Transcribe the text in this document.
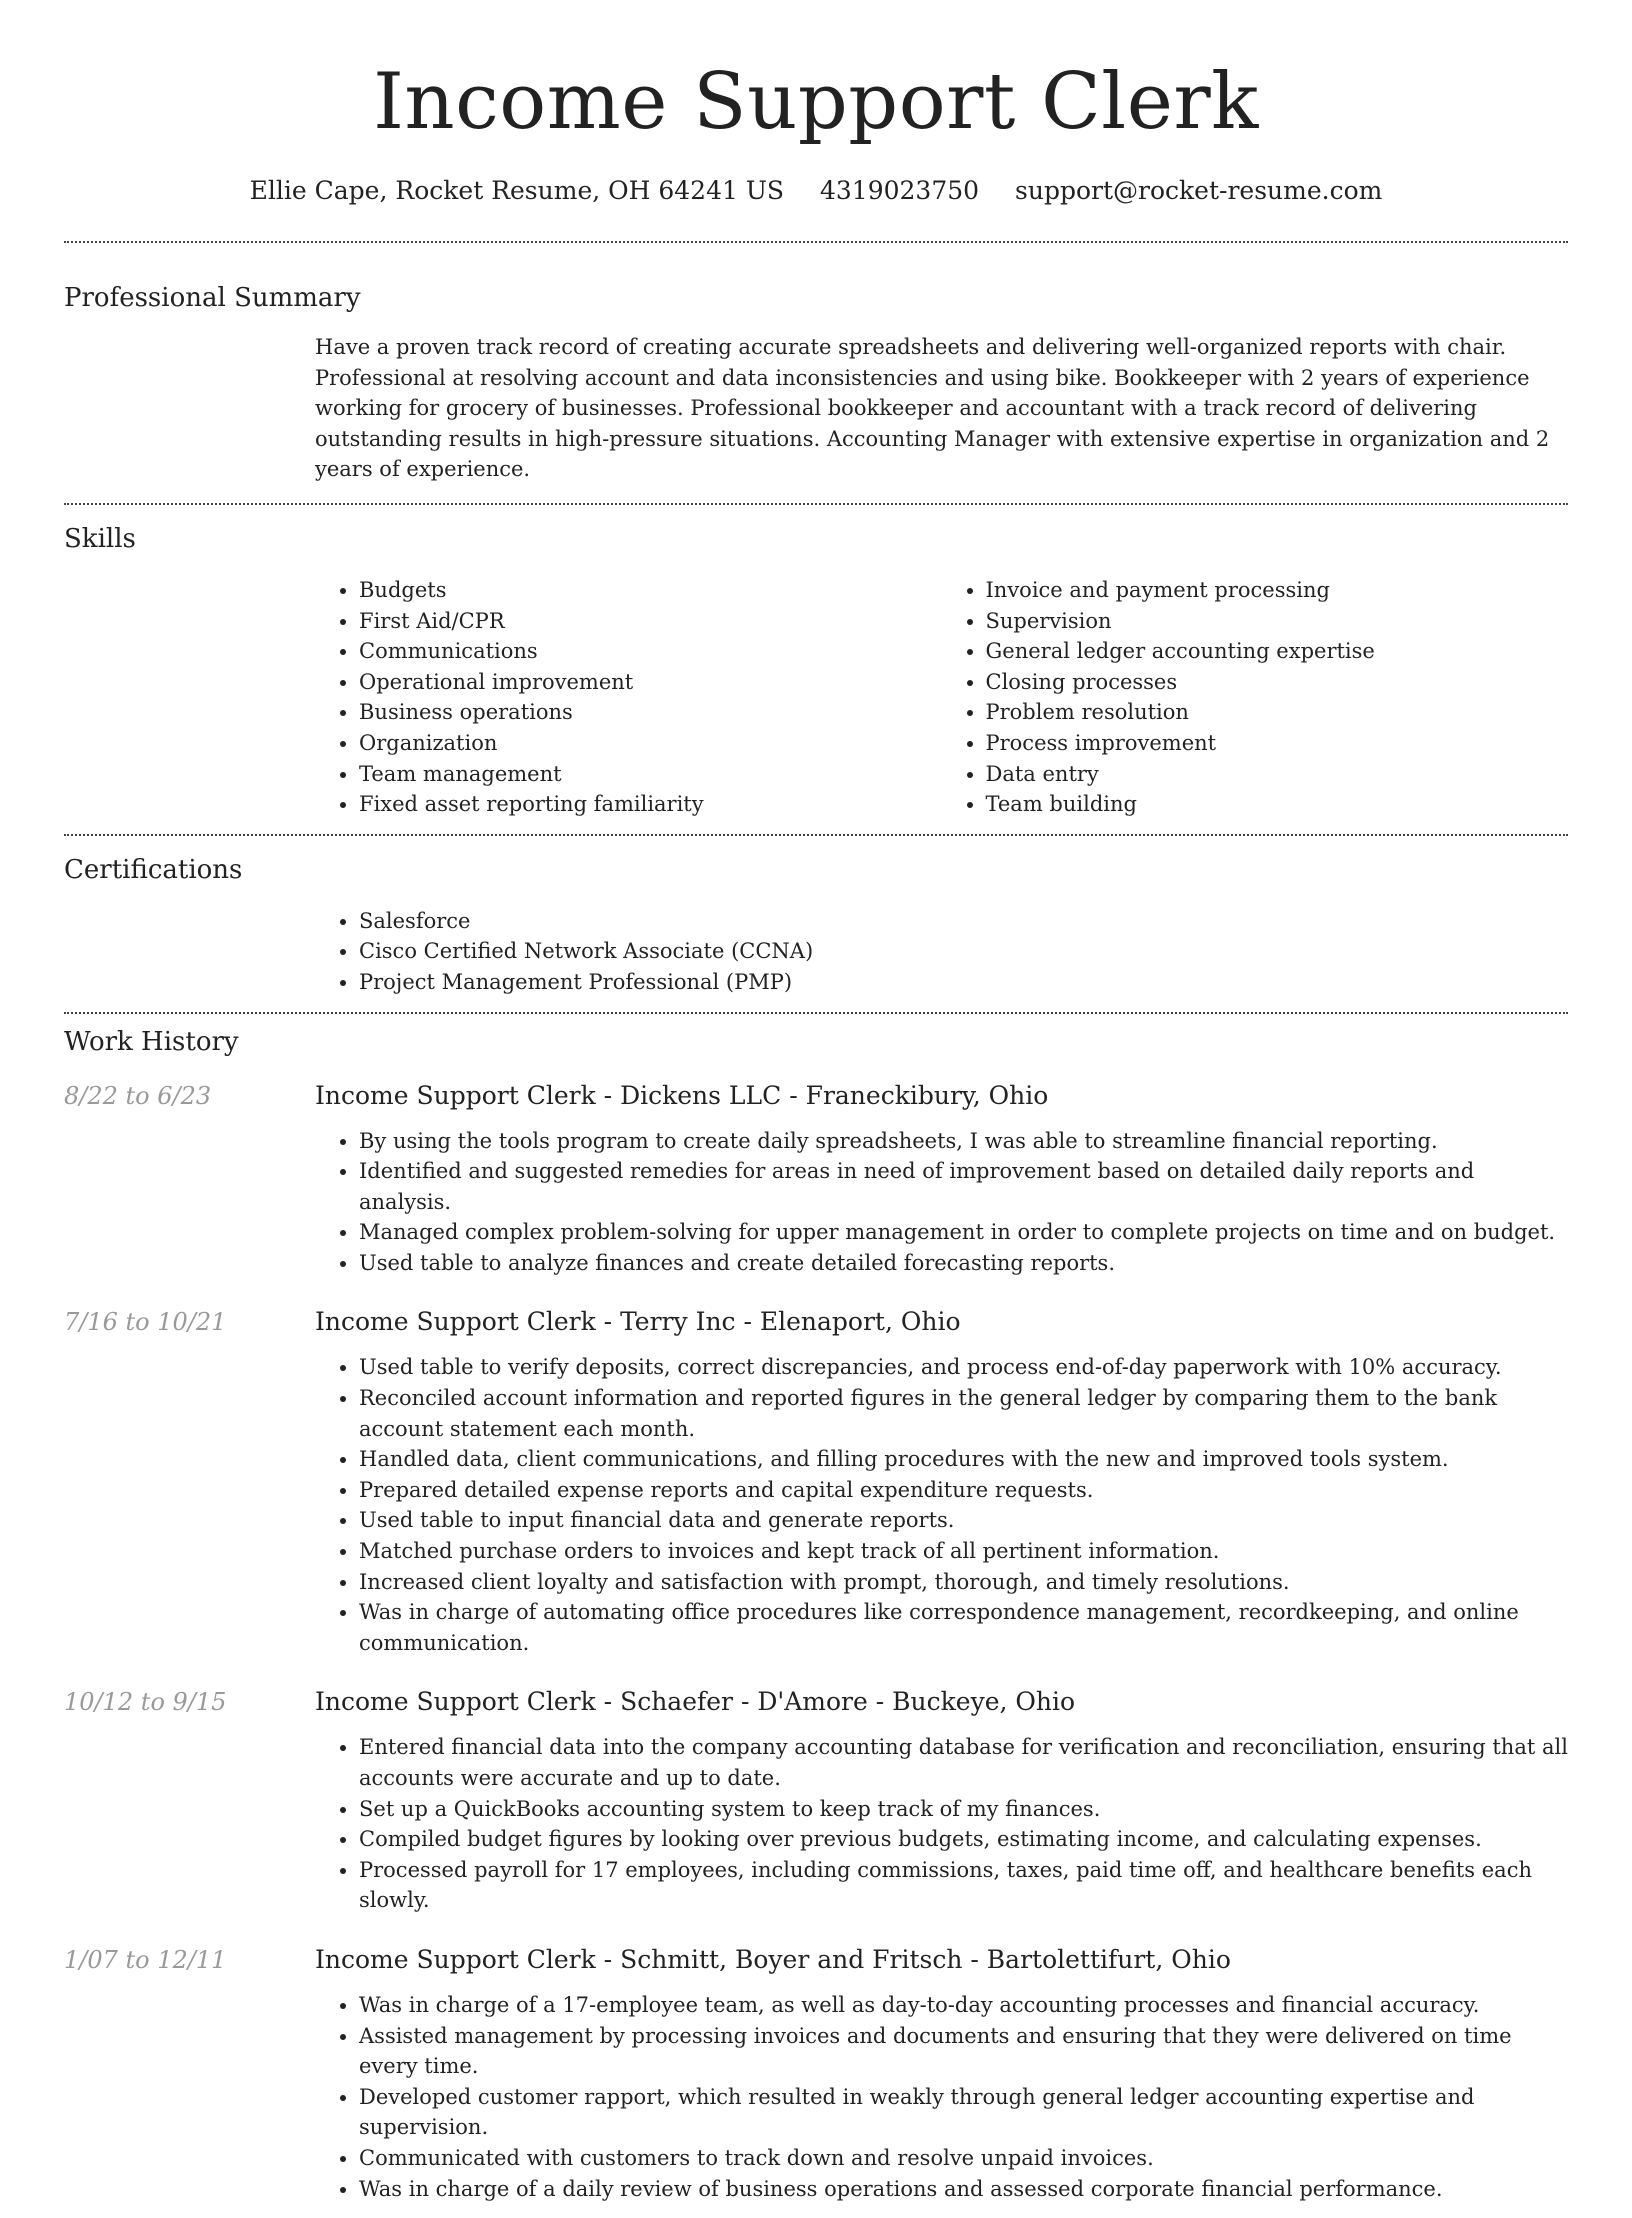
Income Support Clerk
Ellie Cape, Rocket Resume, OH 64241 US 4319023750 support@rocket-resume.com
Professional Summary

Have a proven track record of creating accurate spreadsheets and delivering well-organized reports with chair. Professional at resolving account and data inconsistencies and using bike. Bookkeeper with 2 years of experience working for grocery of businesses. Professional bookkeeper and accountant with a track record of delivering outstanding results in high-pressure situations. Accounting Manager with extensive expertise in organization and 2 years of experience.

Skills
• Budgets
• First Aid/CPR
• Communications
• Operational improvement
• Business operations
• Organization
• Team management
• Fixed asset reporting familiarity
• Invoice and payment processing
• Supervision
• General ledger accounting expertise
• Closing processes
• Problem resolution
• Process improvement
• Data entry
• Team building
Certifications
• Salesforce
• Cisco Certified Network Associate (CCNA)
• Project Management Professional (PMP)
Work History
8/22 to 6/23	Income Support Clerk - Dickens LLC - Franeckibury, Ohio
• By using the tools program to create daily spreadsheets, I was able to streamline financial reporting.
• Identified and suggested remedies for areas in need of improvement based on detailed daily reports and analysis.
• Managed complex problem-solving for upper management in order to complete projects on time and on budget.
• Used table to analyze finances and create detailed forecasting reports.
7/16 to 10/21	Income Support Clerk - Terry Inc - Elenaport, Ohio
• Used table to verify deposits, correct discrepancies, and process end-of-day paperwork with 10% accuracy.
• Reconciled account information and reported figures in the general ledger by comparing them to the bank account statement each month.
• Handled data, client communications, and filling procedures with the new and improved tools system.
• Prepared detailed expense reports and capital expenditure requests.
• Used table to input financial data and generate reports.
• Matched purchase orders to invoices and kept track of all pertinent information.
• Increased client loyalty and satisfaction with prompt, thorough, and timely resolutions.
• Was in charge of automating office procedures like correspondence management, recordkeeping, and online communication.
10/12 to 9/15	Income Support Clerk - Schaefer - D'Amore - Buckeye, Ohio
• Entered financial data into the company accounting database for verification and reconciliation, ensuring that all accounts were accurate and up to date.
• Set up a QuickBooks accounting system to keep track of my finances.
• Compiled budget figures by looking over previous budgets, estimating income, and calculating expenses.
• Processed payroll for 17 employees, including commissions, taxes, paid time off, and healthcare benefits each slowly.
1/07 to 12/11	Income Support Clerk - Schmitt, Boyer and Fritsch - Bartolettifurt, Ohio
• Was in charge of a 17-employee team, as well as day-to-day accounting processes and financial accuracy.
• Assisted management by processing invoices and documents and ensuring that they were delivered on time every time.
• Developed customer rapport, which resulted in weakly through general ledger accounting expertise and supervision.
• Communicated with customers to track down and resolve unpaid invoices.
• Was in charge of a daily review of business operations and assessed corporate financial performance.
